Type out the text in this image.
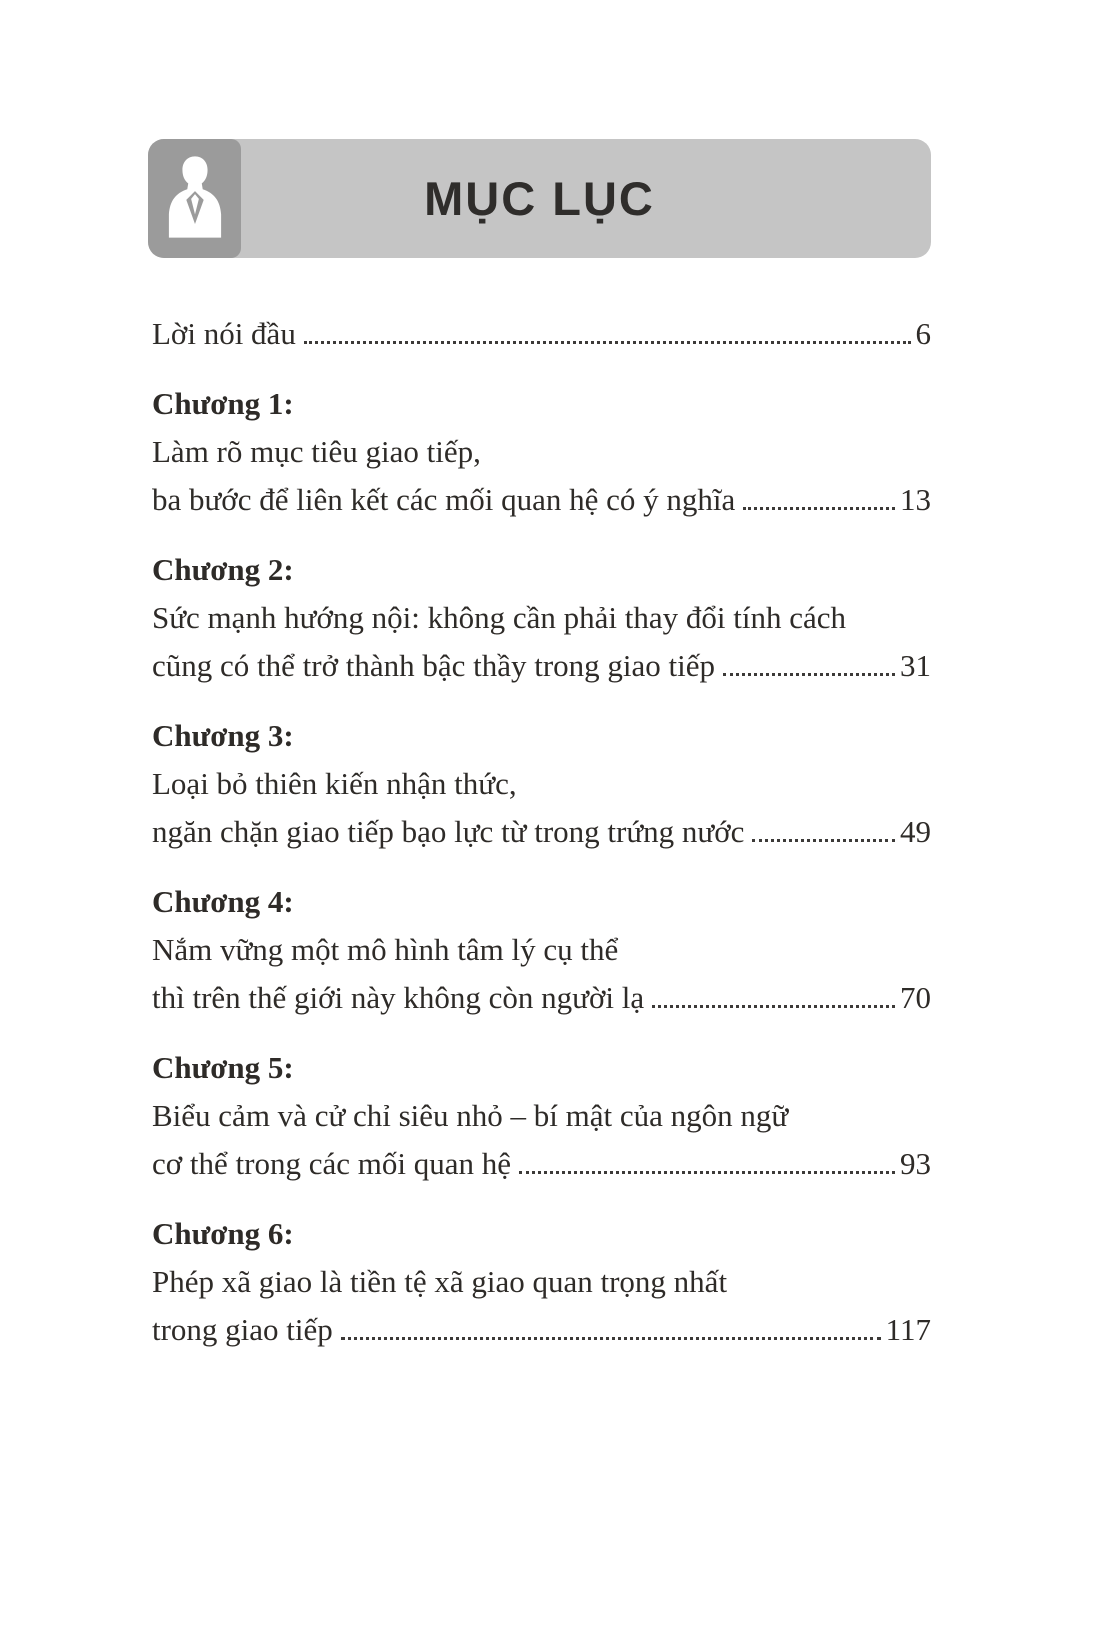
MỤC LỤC

Lời nói đầu	6

Chương 1:

Làm rõ mục tiêu giao tiếp,

ba bước để liên kết các mối quan hệ có ý nghĩa	13

Chương 2:

Sức mạnh hướng nội: không cần phải thay đổi tính cách

cũng có thể trở thành bậc thầy trong giao tiếp	31

Chương 3:

Loại bỏ thiên kiến nhận thức,

ngăn chặn giao tiếp bạo lực từ trong trứng nước	49

Chương 4:

Nắm vững một mô hình tâm lý cụ thể

thì trên thế giới này không còn người lạ	70

Chương 5:

Biểu cảm và cử chỉ siêu nhỏ – bí mật của ngôn ngữ

cơ thể trong các mối quan hệ	93

Chương 6:

Phép xã giao là tiền tệ xã giao quan trọng nhất

trong giao tiếp	117
